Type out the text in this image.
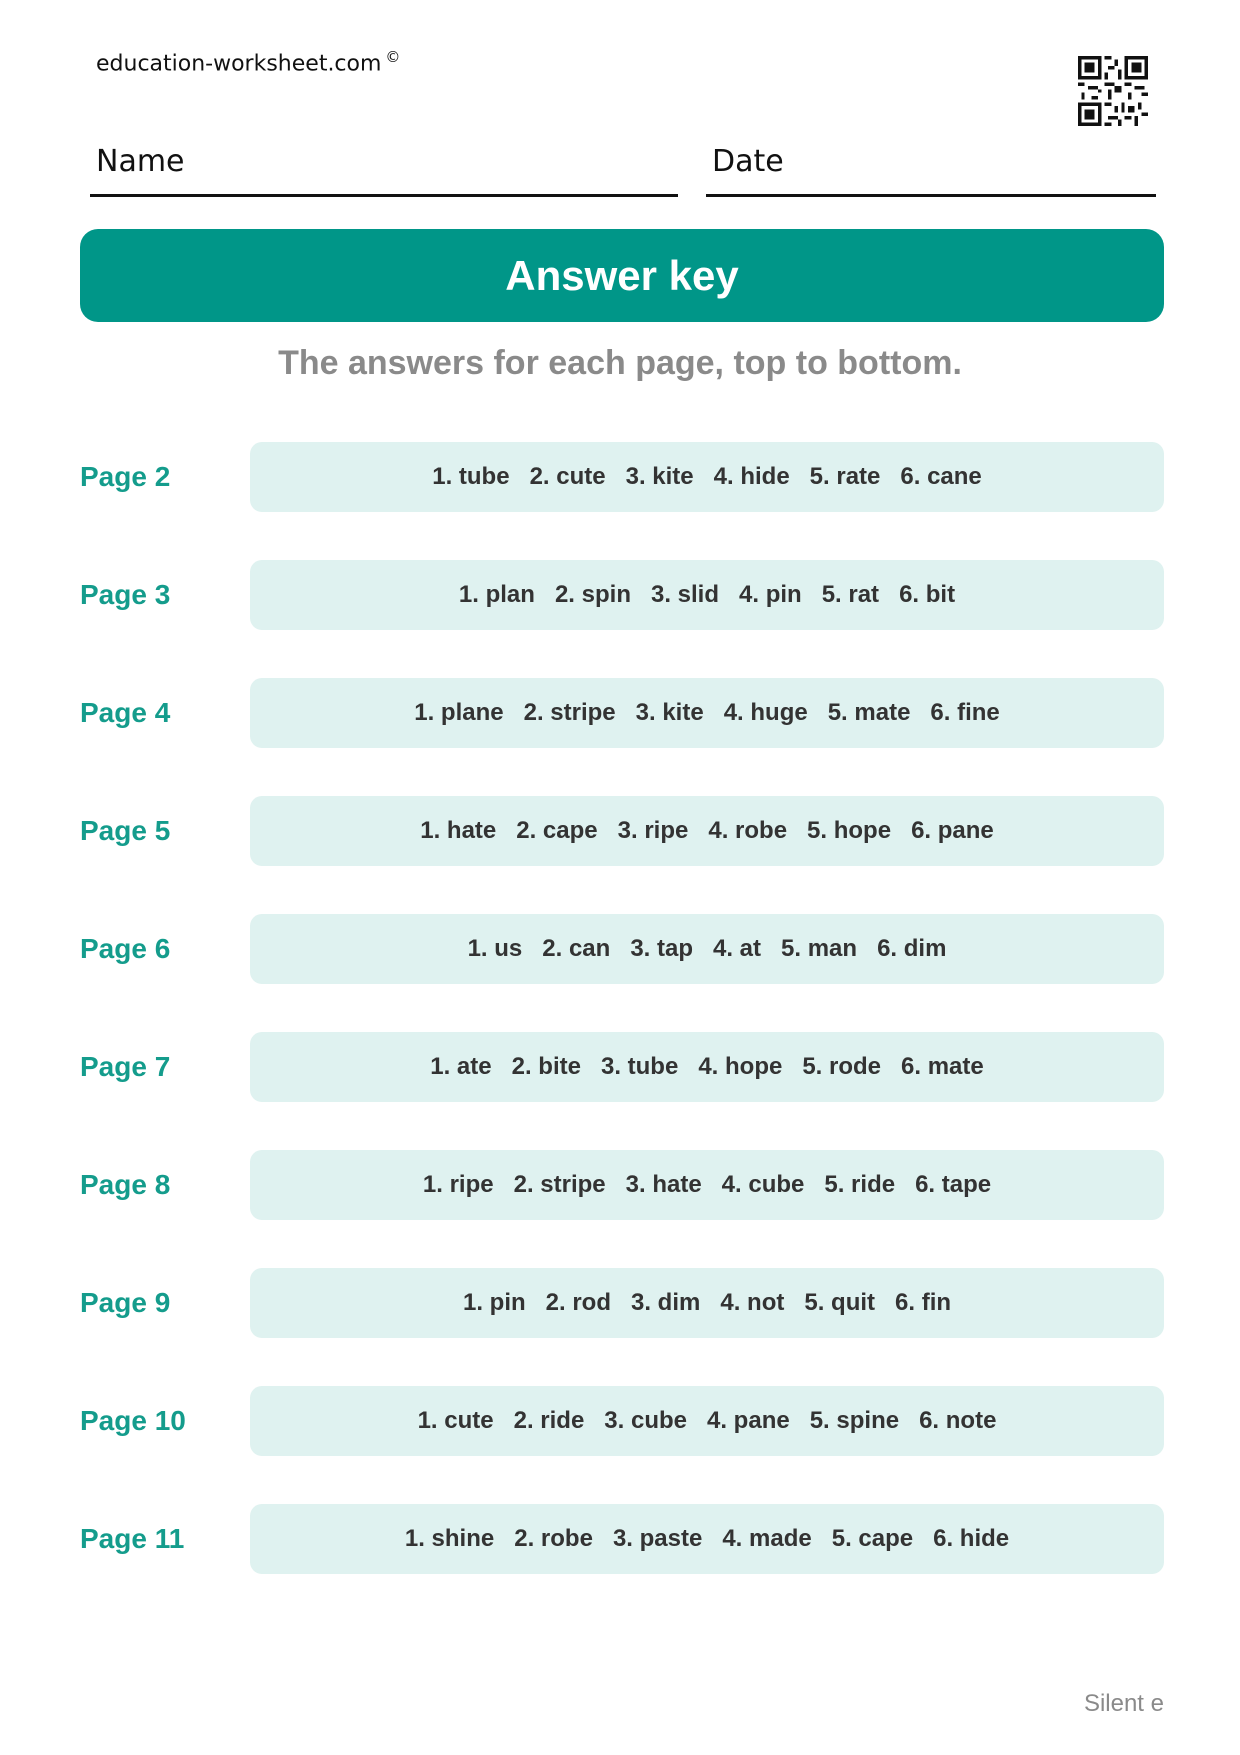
education-worksheet.com ©
Name	Date
Answer key
The answers for each page, top to bottom.
Page 2	1. tube 2. cute 3. kite 4. hide 5. rate 6. cane
Page 3	1. plan 2. spin 3. slid 4. pin 5. rat 6. bit
Page 4	1. plane 2. stripe 3. kite 4. huge 5. mate 6. fine
Page 5	1. hate 2. cape 3. ripe 4. robe 5. hope 6. pane
Page 6	1. us 2. can 3. tap 4. at 5. man 6. dim
Page 7	1. ate 2. bite 3. tube 4. hope 5. rode 6. mate
Page 8	1. ripe 2. stripe 3. hate 4. cube 5. ride 6. tape
Page 9	1. pin 2. rod 3. dim 4. not 5. quit 6. fin
Page 10	1. cute 2. ride 3. cube 4. pane 5. spine 6. note
Page 11	1. shine 2. robe 3. paste 4. made 5. cape 6. hide
Silent e
